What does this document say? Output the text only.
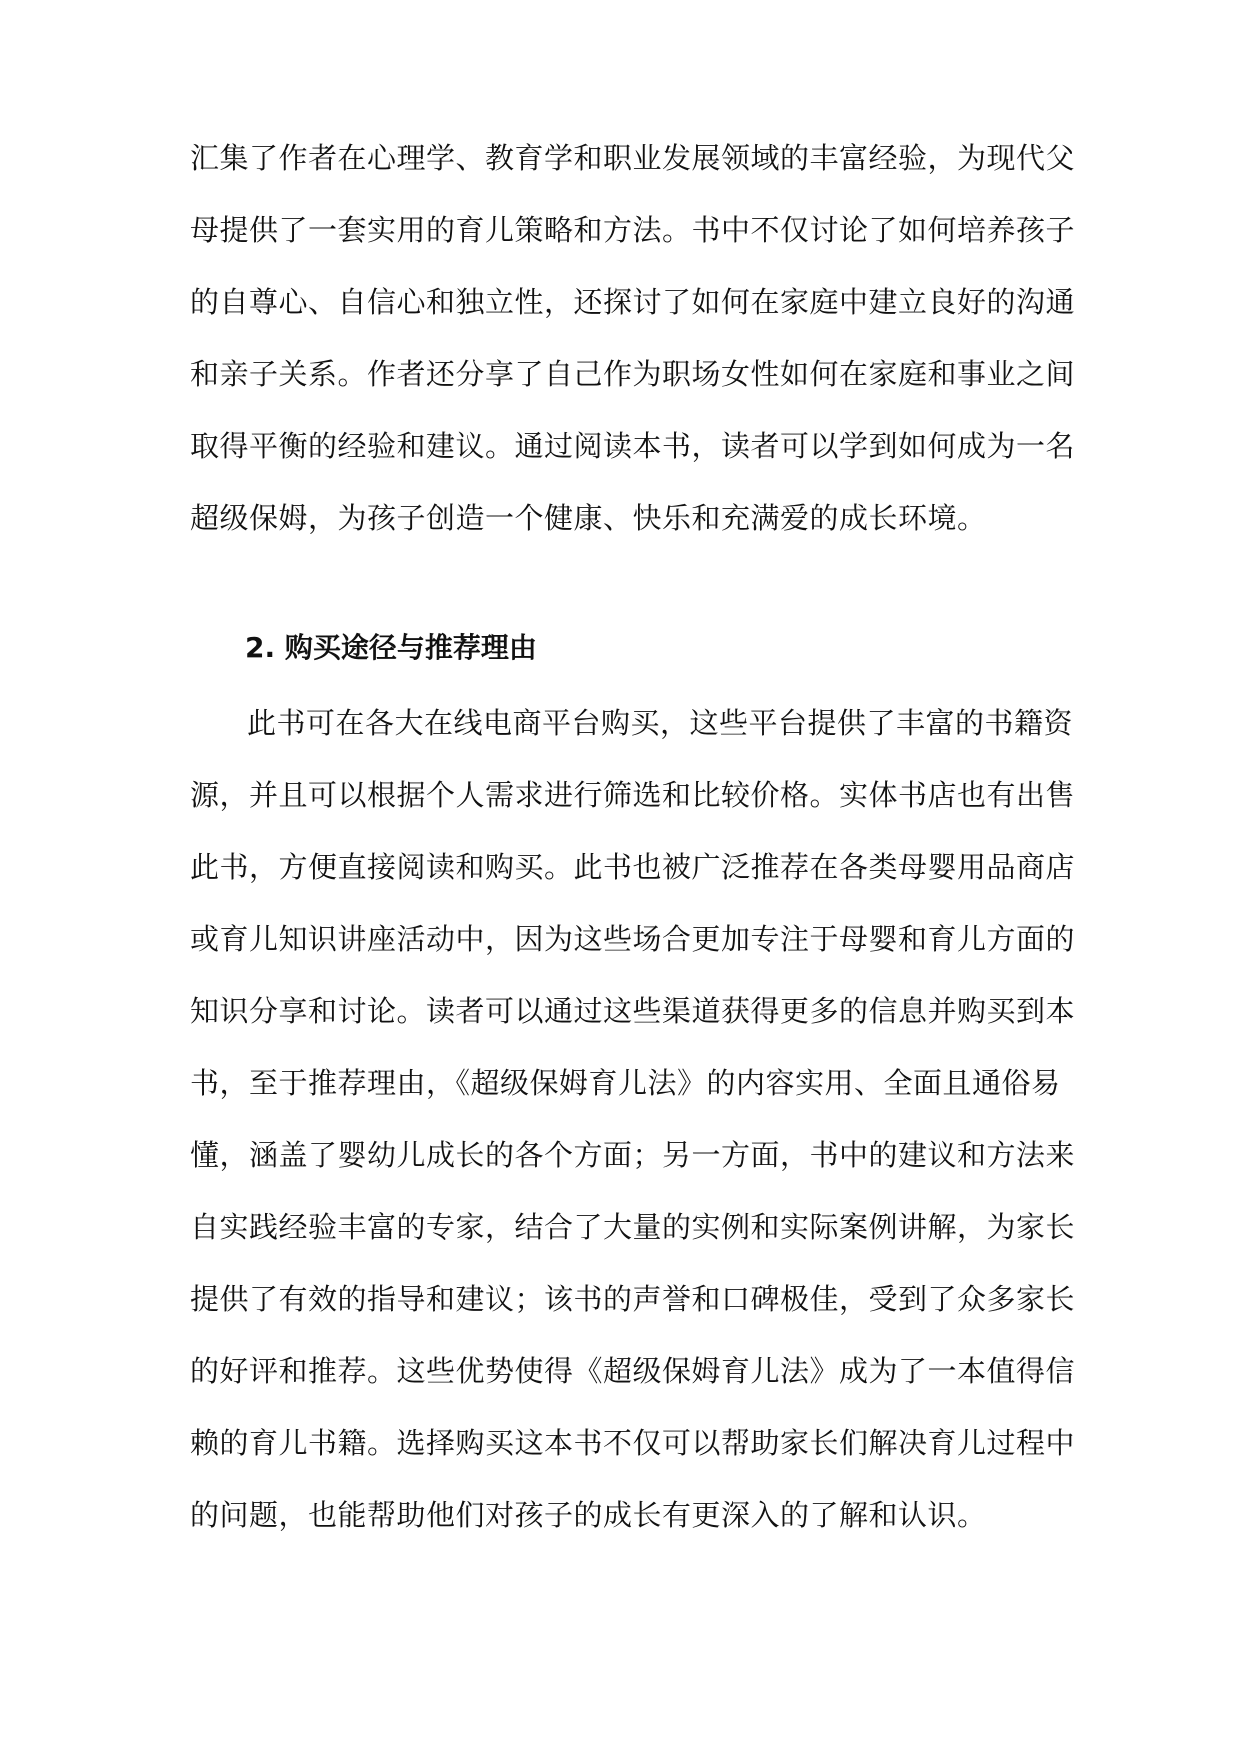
汇集了作者在心理学、教育学和职业发展领域的丰富经验，为现代父
母提供了一套实用的育儿策略和方法。书中不仅讨论了如何培养孩子
的自尊心、自信心和独立性，还探讨了如何在家庭中建立良好的沟通
和亲子关系。作者还分享了自己作为职场女性如何在家庭和事业之间
取得平衡的经验和建议。通过阅读本书，读者可以学到如何成为一名
超级保姆，为孩子创造一个健康、快乐和充满爱的成长环境。
2. 购买途径与推荐理由
此书可在各大在线电商平台购买，这些平台提供了丰富的书籍资
源，并且可以根据个人需求进行筛选和比较价格。实体书店也有出售
此书，方便直接阅读和购买。此书也被广泛推荐在各类母婴用品商店
或育儿知识讲座活动中，因为这些场合更加专注于母婴和育儿方面的
知识分享和讨论。读者可以通过这些渠道获得更多的信息并购买到本
书，至于推荐理由，《超级保姆育儿法》的内容实用、全面且通俗易
懂，涵盖了婴幼儿成长的各个方面；另一方面，书中的建议和方法来
自实践经验丰富的专家，结合了大量的实例和实际案例讲解，为家长
提供了有效的指导和建议；该书的声誉和口碑极佳，受到了众多家长
的好评和推荐。这些优势使得《超级保姆育儿法》成为了一本值得信
赖的育儿书籍。选择购买这本书不仅可以帮助家长们解决育儿过程中
的问题，也能帮助他们对孩子的成长有更深入的了解和认识。
